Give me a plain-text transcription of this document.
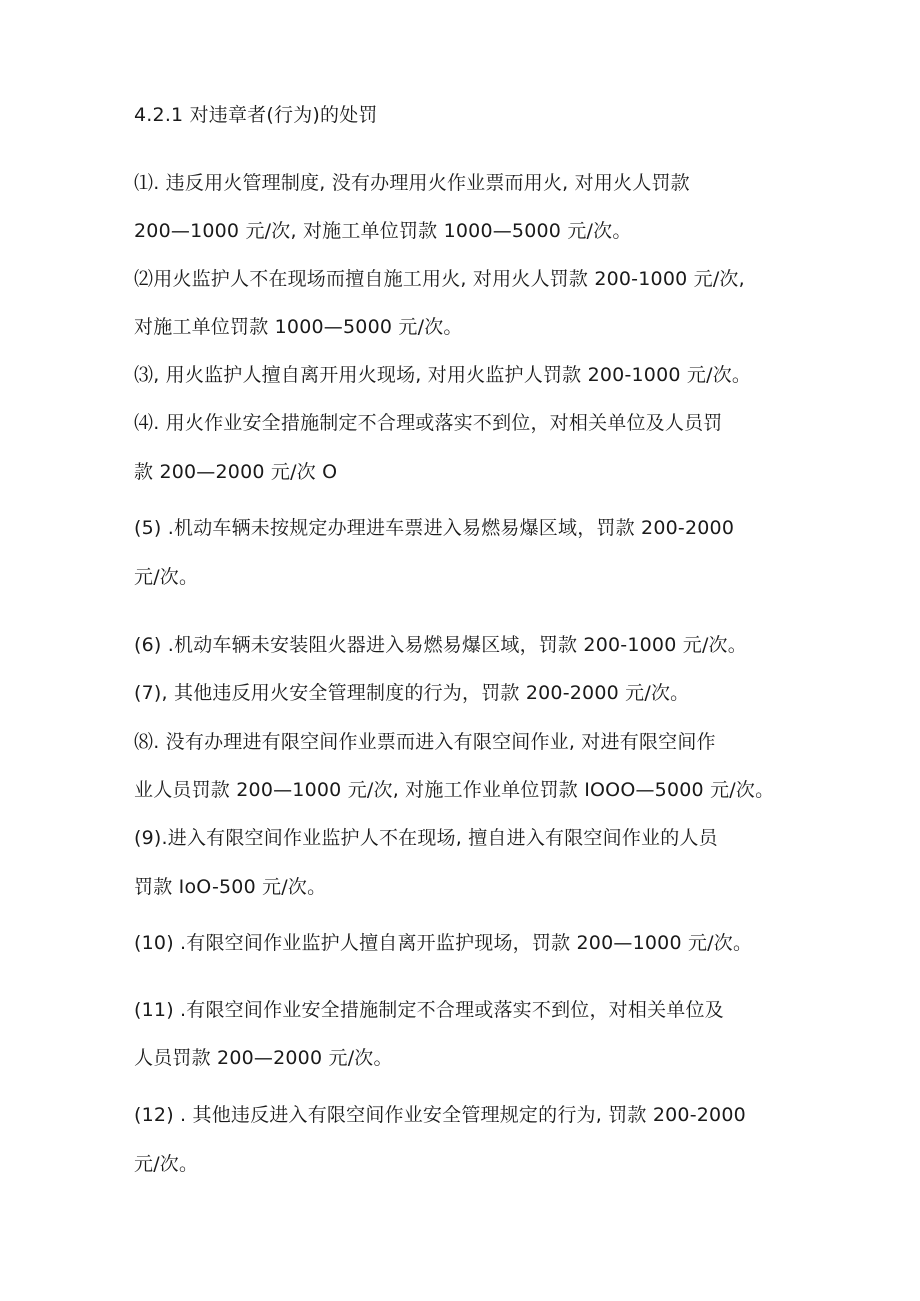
4.2.1 对违章者(行为)的处罚
⑴. 违反用火管理制度, 没有办理用火作业票而用火, 对用火人罚款
200—1000 元/次, 对施工单位罚款 1000—5000 元/次。
⑵用火监护人不在现场而擅自施工用火, 对用火人罚款 200-1000 元/次,
对施工单位罚款 1000—5000 元/次。
⑶, 用火监护人擅自离开用火现场, 对用火监护人罚款 200-1000 元/次。
⑷. 用火作业安全措施制定不合理或落实不到位，对相关单位及人员罚
款 200—2000 元/次 O
(5) .机动车辆未按规定办理进车票进入易燃易爆区域，罚款 200-2000
元/次。
(6) .机动车辆未安装阻火器进入易燃易爆区域，罚款 200-1000 元/次。
(7), 其他违反用火安全管理制度的行为，罚款 200-2000 元/次。
⑻. 没有办理进有限空间作业票而进入有限空间作业, 对进有限空间作
业人员罚款 200—1000 元/次, 对施工作业单位罚款 IOOO—5000 元/次。
(9).进入有限空间作业监护人不在现场, 擅自进入有限空间作业的人员
罚款 IoO-500 元/次。
(10) .有限空间作业监护人擅自离开监护现场，罚款 200—1000 元/次。
(11) .有限空间作业安全措施制定不合理或落实不到位，对相关单位及
人员罚款 200—2000 元/次。
(12) . 其他违反进入有限空间作业安全管理规定的行为, 罚款 200-2000
元/次。
